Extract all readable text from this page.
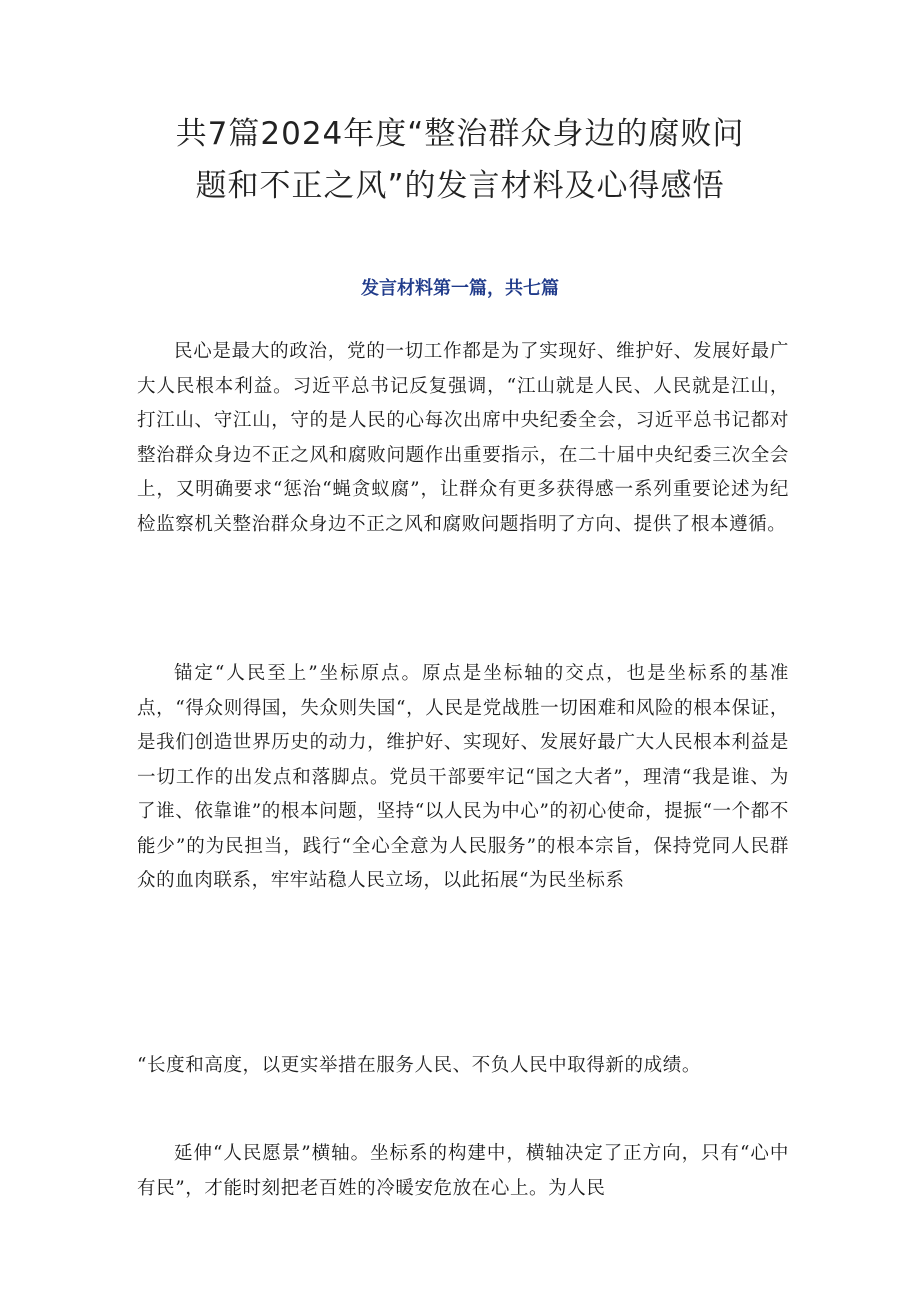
共7篇2024年度“整治群众身边的腐败问
题和不正之风”的发言材料及心得感悟
发言材料第一篇，共七篇

民心是最大的政治，党的一切工作都是为了实现好、维护好、发展好最广大人民根本利益。习近平总书记反复强调，“江山就是人民、人民就是江山，打江山、守江山，守的是人民的心每次出席中央纪委全会，习近平总书记都对整治群众身边不正之风和腐败问题作出重要指示，在二十届中央纪委三次全会上，又明确要求“惩治“蝇贪蚁腐”，让群众有更多获得感一系列重要论述为纪检监察机关整治群众身边不正之风和腐败问题指明了方向、提供了根本遵循。

锚定“人民至上”坐标原点。原点是坐标轴的交点，也是坐标系的基准点，“得众则得国，失众则失国“，人民是党战胜一切困难和风险的根本保证，是我们创造世界历史的动力，维护好、实现好、发展好最广大人民根本利益是一切工作的出发点和落脚点。党员干部要牢记“国之大者”，理清“我是谁、为了谁、依靠谁”的根本问题，坚持“以人民为中心”的初心使命，提振“一个都不能少”的为民担当，践行“全心全意为人民服务”的根本宗旨，保持党同人民群众的血肉联系，牢牢站稳人民立场，以此拓展“为民坐标系

“长度和高度，以更实举措在服务人民、不负人民中取得新的成绩。

延伸“人民愿景”横轴。坐标系的构建中，横轴决定了正方向，只有“心中有民”，才能时刻把老百姓的冷暖安危放在心上。为人民
